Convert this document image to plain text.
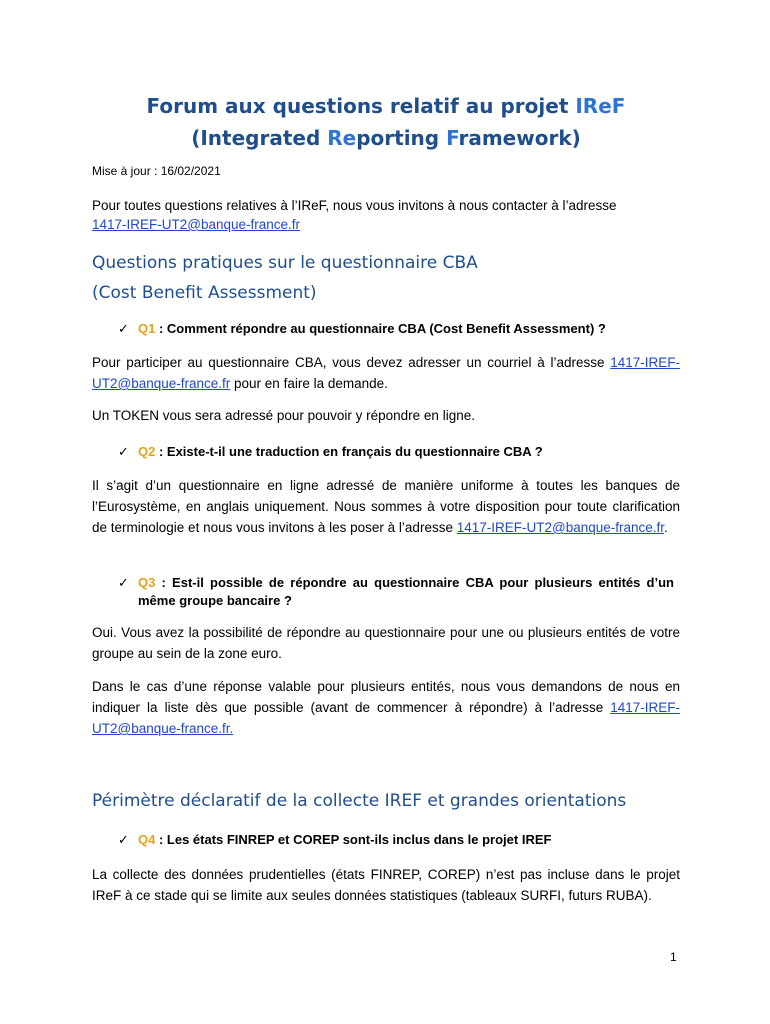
Forum aux questions relatif au projet IReF
(Integrated Reporting Framework)
Mise à jour : 16/02/2021
Pour toutes questions relatives à l’IReF, nous vous invitons à nous contacter à l’adresse
1417-IREF-UT2@banque-france.fr
Questions pratiques sur le questionnaire CBA
(Cost Benefit Assessment)
✓ Q1 : Comment répondre au questionnaire CBA (Cost Benefit Assessment) ?
Pour participer au questionnaire CBA, vous devez adresser un courriel à l’adresse 1417-IREF-UT2@banque-france.fr pour en faire la demande.
Un TOKEN vous sera adressé pour pouvoir y répondre en ligne.
✓ Q2 : Existe-t-il une traduction en français du questionnaire CBA ?
Il s’agit d’un questionnaire en ligne adressé de manière uniforme à toutes les banques de l’Eurosystème, en anglais uniquement. Nous sommes à votre disposition pour toute clarification de terminologie et nous vous invitons à les poser à l’adresse 1417-IREF-UT2@banque-france.fr.
✓ Q3 : Est-il possible de répondre au questionnaire CBA pour plusieurs entités d’un même groupe bancaire ?
Oui. Vous avez la possibilité de répondre au questionnaire pour une ou plusieurs entités de votre groupe au sein de la zone euro.
Dans le cas d’une réponse valable pour plusieurs entités, nous vous demandons de nous en indiquer la liste dès que possible (avant de commencer à répondre) à l’adresse 1417-IREF-UT2@banque-france.fr.
Périmètre déclaratif de la collecte IREF et grandes orientations
✓ Q4 : Les états FINREP et COREP sont-ils inclus dans le projet IREF
La collecte des données prudentielles (états FINREP, COREP) n’est pas incluse dans le projet IReF à ce stade qui se limite aux seules données statistiques (tableaux SURFI, futurs RUBA).
1
